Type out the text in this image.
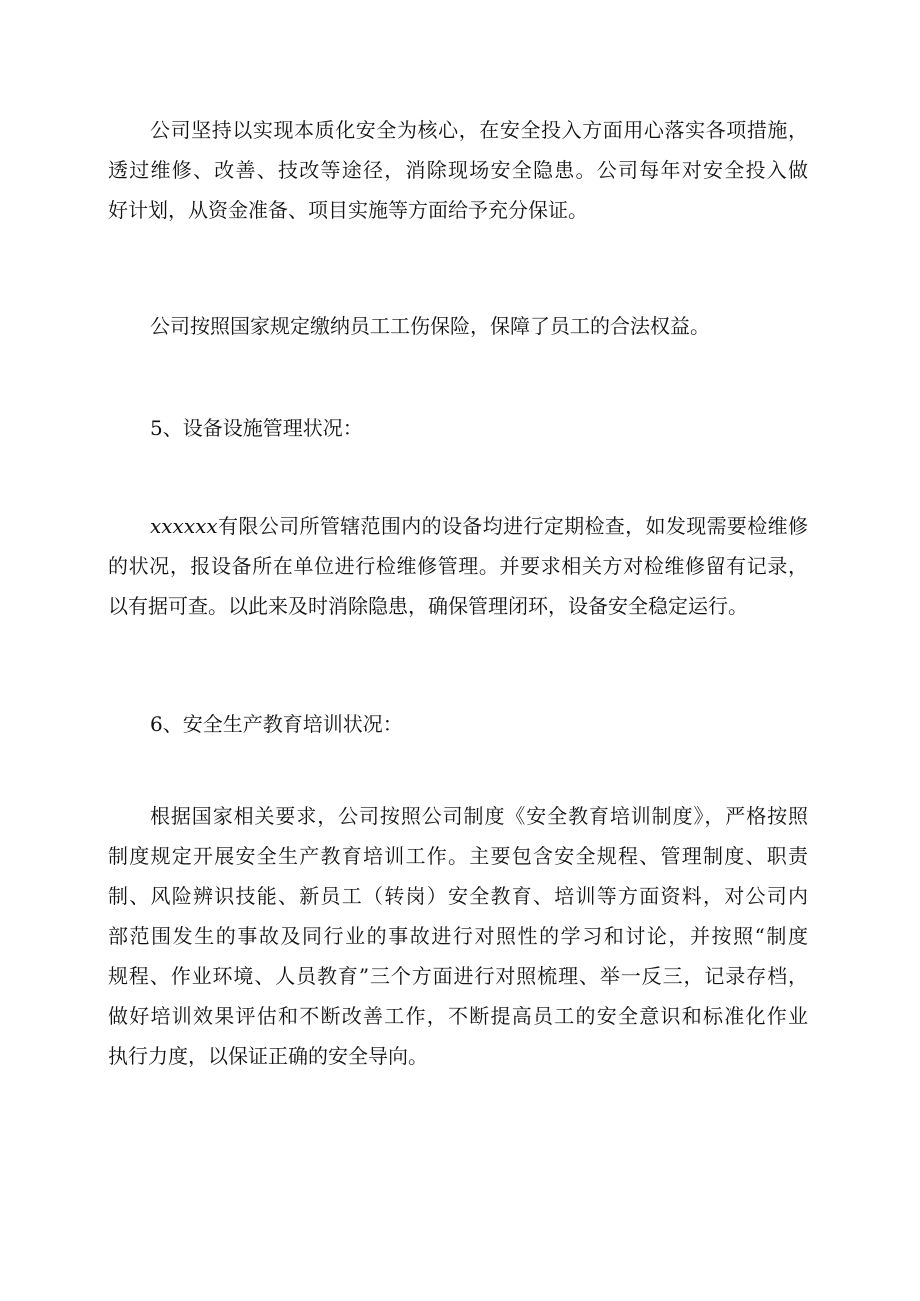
公司坚持以实现本质化安全为核心，在安全投入方面用心落实各项措施，
透过维修、改善、技改等途径，消除现场安全隐患。公司每年对安全投入做
好计划，从资金准备、项目实施等方面给予充分保证。

公司按照国家规定缴纳员工工伤保险，保障了员工的合法权益。

5、设备设施管理状况：

xxxxxx有限公司所管辖范围内的设备均进行定期检查，如发现需要检维修
的状况，报设备所在单位进行检维修管理。并要求相关方对检维修留有记录，
以有据可查。以此来及时消除隐患，确保管理闭环，设备安全稳定运行。

6、安全生产教育培训状况：

根据国家相关要求，公司按照公司制度《安全教育培训制度》，严格按照
制度规定开展安全生产教育培训工作。主要包含安全规程、管理制度、职责
制、风险辨识技能、新员工（转岗）安全教育、培训等方面资料，对公司内
部范围发生的事故及同行业的事故进行对照性的学习和讨论，并按照“制度
规程、作业环境、人员教育”三个方面进行对照梳理、举一反三，记录存档，
做好培训效果评估和不断改善工作，不断提高员工的安全意识和标准化作业
执行力度，以保证正确的安全导向。
